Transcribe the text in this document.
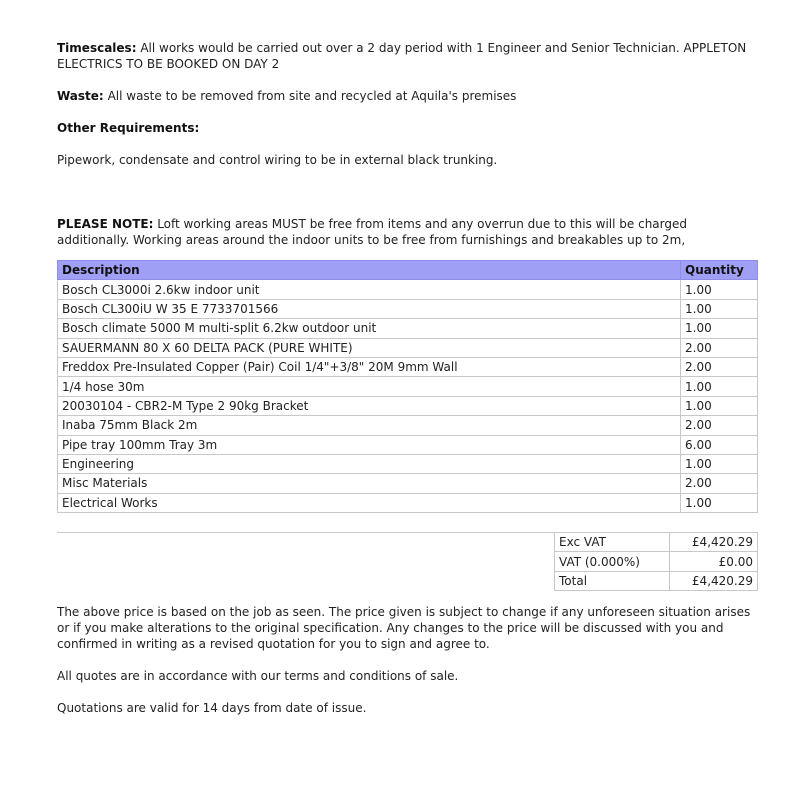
Timescales: All works would be carried out over a 2 day period with 1 Engineer and Senior Technician. APPLETON ELECTRICS TO BE BOOKED ON DAY 2

Waste: All waste to be removed from site and recycled at Aquila's premises

Other Requirements:

Pipework, condensate and control wiring to be in external black trunking.

PLEASE NOTE: Loft working areas MUST be free from items and any overrun due to this will be charged additionally. Working areas around the indoor units to be free from furnishings and breakables up to 2m,

Description	Quantity
Bosch CL3000i 2.6kw indoor unit	1.00
Bosch CL300iU W 35 E 7733701566	1.00
Bosch climate 5000 M multi-split 6.2kw outdoor unit	1.00
SAUERMANN 80 X 60 DELTA PACK (PURE WHITE)	2.00
Freddox Pre-Insulated Copper (Pair) Coil 1/4"+3/8" 20M 9mm Wall	2.00
1/4 hose 30m	1.00
20030104 - CBR2-M Type 2 90kg Bracket	1.00
Inaba 75mm Black 2m	2.00
Pipe tray 100mm Tray 3m	6.00
Engineering	1.00
Misc Materials	2.00
Electrical Works	1.00
Exc VAT	£4,420.29
VAT (0.000%)	£0.00
Total	£4,420.29

The above price is based on the job as seen. The price given is subject to change if any unforeseen situation arises or if you make alterations to the original specification. Any changes to the price will be discussed with you and confirmed in writing as a revised quotation for you to sign and agree to.

All quotes are in accordance with our terms and conditions of sale.

Quotations are valid for 14 days from date of issue.
